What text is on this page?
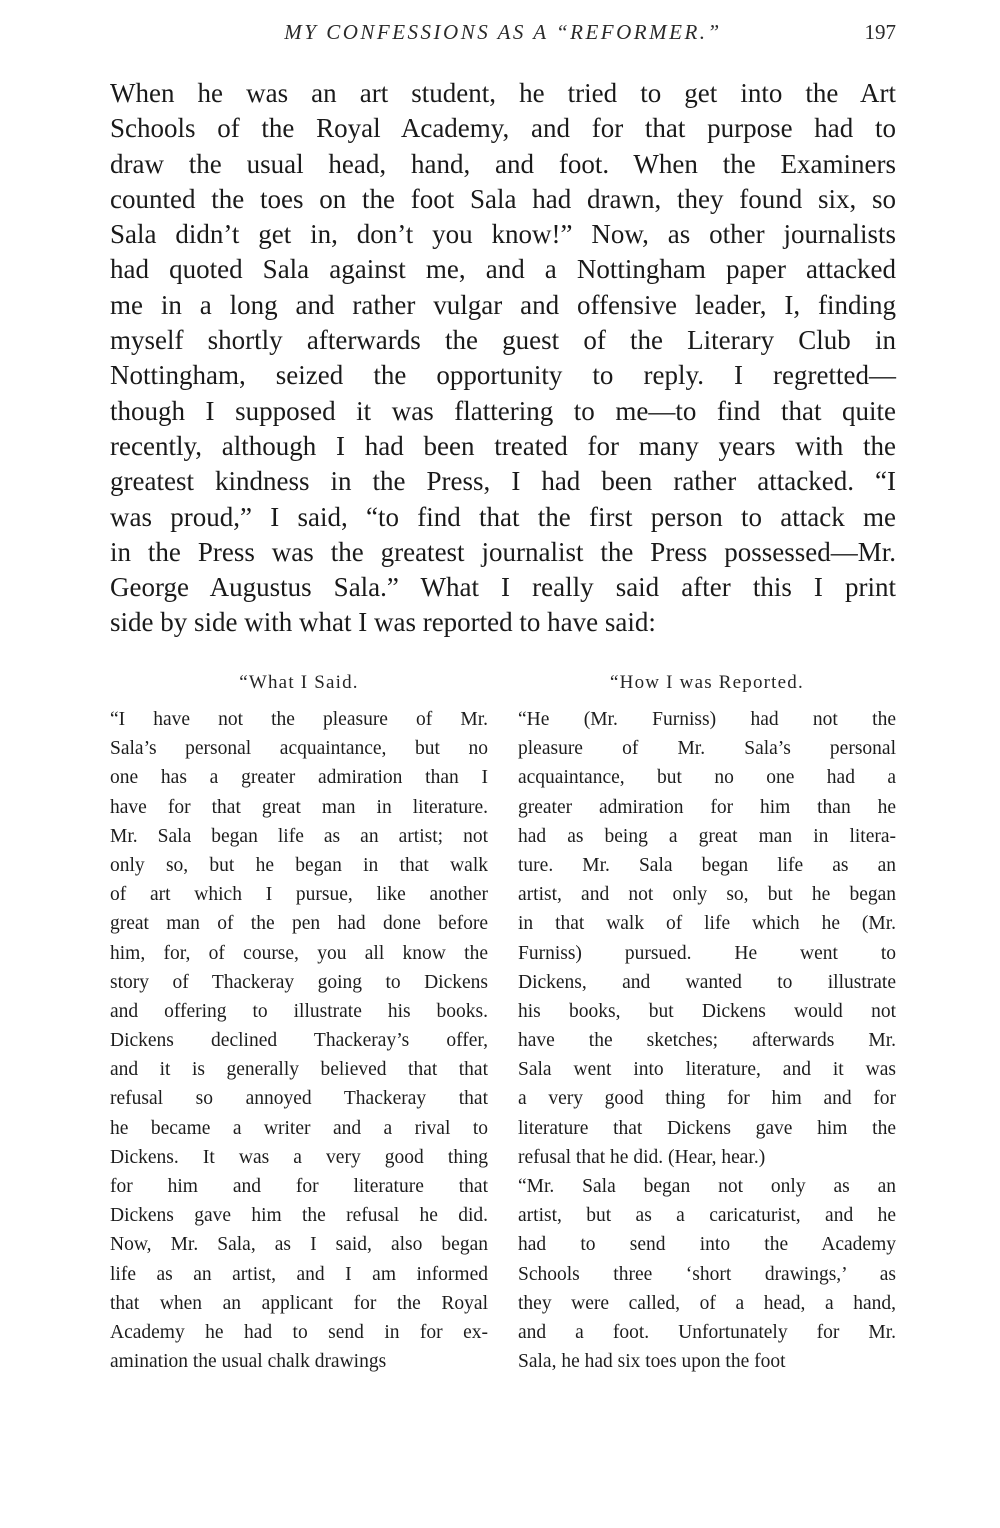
MY CONFESSIONS AS A “REFORMER.”	197
When he was an art student, he tried to get into the Art
Schools of the Royal Academy, and for that purpose had to
draw the usual head, hand, and foot. When the Examiners
counted the toes on the foot Sala had drawn, they found six, so
Sala didn’t get in, don’t you know!” Now, as other journalists
had quoted Sala against me, and a Nottingham paper attacked
me in a long and rather vulgar and offensive leader, I, finding
myself shortly afterwards the guest of the Literary Club in
Nottingham, seized the opportunity to reply. I regretted—
though I supposed it was flattering to me—to find that quite
recently, although I had been treated for many years with the
greatest kindness in the Press, I had been rather attacked. “I
was proud,” I said, “to find that the first person to attack me
in the Press was the greatest journalist the Press possessed—Mr.
George Augustus Sala.” What I really said after this I print
side by side with what I was reported to have said:
“What I Said.
“I have not the pleasure of Mr.
Sala’s personal acquaintance, but no
one has a greater admiration than I
have for that great man in literature.
Mr. Sala began life as an artist; not
only so, but he began in that walk
of art which I pursue, like another
great man of the pen had done before
him, for, of course, you all know the
story of Thackeray going to Dickens
and offering to illustrate his books.
Dickens declined Thackeray’s offer,
and it is generally believed that that
refusal so annoyed Thackeray that
he became a writer and a rival to
Dickens. It was a very good thing
for him and for literature that
Dickens gave him the refusal he did.
Now, Mr. Sala, as I said, also began
life as an artist, and I am informed
that when an applicant for the Royal
Academy he had to send in for ex-
amination the usual chalk drawings
“How I was Reported.
“He (Mr. Furniss) had not the
pleasure of Mr. Sala’s personal
acquaintance, but no one had a
greater admiration for him than he
had as being a great man in litera-
ture. Mr. Sala began life as an
artist, and not only so, but he began
in that walk of life which he (Mr.
Furniss) pursued. He went to
Dickens, and wanted to illustrate
his books, but Dickens would not
have the sketches; afterwards Mr.
Sala went into literature, and it was
a very good thing for him and for
literature that Dickens gave him the
refusal that he did. (Hear, hear.)
“Mr. Sala began not only as an
artist, but as a caricaturist, and he
had to send into the Academy
Schools three ‘short drawings,’ as
they were called, of a head, a hand,
and a foot. Unfortunately for Mr.
Sala, he had six toes upon the foot
